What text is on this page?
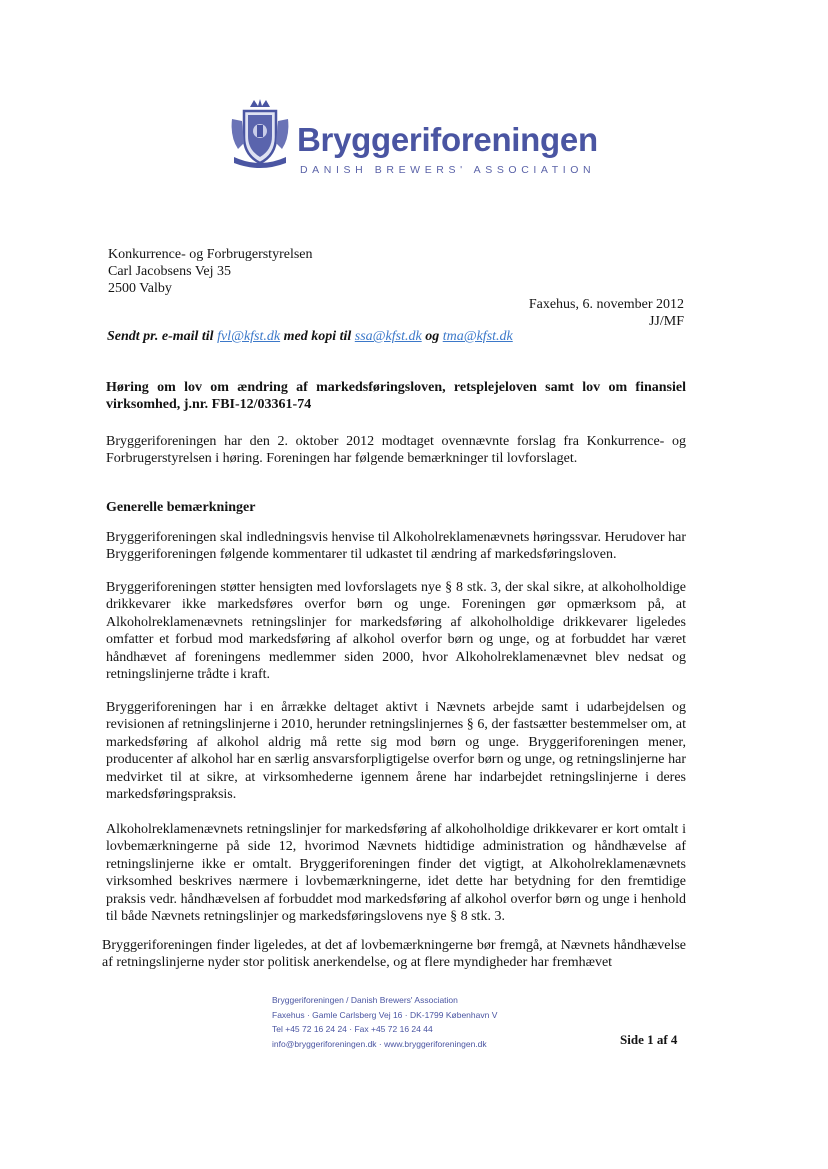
Bryggeriforeningen
DANISH BREWERS' ASSOCIATION
Konkurrence- og Forbrugerstyrelsen
Carl Jacobsens Vej 35
2500 Valby
Faxehus, 6. november 2012
JJ/MF
Sendt pr. e-mail til fvl@kfst.dk med kopi til ssa@kfst.dk og tma@kfst.dk
Høring om lov om ændring af markedsføringsloven, retsplejeloven samt lov om finansiel virksomhed, j.nr. FBI-12/03361-74
Bryggeriforeningen har den 2. oktober 2012 modtaget ovennævnte forslag fra Konkurrence- og Forbrugerstyrelsen i høring. Foreningen har følgende bemærkninger til lovforslaget.
Generelle bemærkninger
Bryggeriforeningen skal indledningsvis henvise til Alkoholreklamenævnets høringssvar. Herudover har Bryggeriforeningen følgende kommentarer til udkastet til ændring af markedsføringsloven.
Bryggeriforeningen støtter hensigten med lovforslagets nye § 8 stk. 3, der skal sikre, at alkoholholdige drikkevarer ikke markedsføres overfor børn og unge. Foreningen gør opmærksom på, at Alkoholreklamenævnets retningslinjer for markedsføring af alkoholholdige drikkevarer ligeledes omfatter et forbud mod markedsføring af alkohol overfor børn og unge, og at forbuddet har været håndhævet af foreningens medlemmer siden 2000, hvor Alkoholreklamenævnet blev nedsat og retningslinjerne trådte i kraft.
Bryggeriforeningen har i en årrække deltaget aktivt i Nævnets arbejde samt i udarbejdelsen og revisionen af retningslinjerne i 2010, herunder retningslinjernes § 6, der fastsætter bestemmelser om, at markedsføring af alkohol aldrig må rette sig mod børn og unge. Bryggeriforeningen mener, producenter af alkohol har en særlig ansvarsforpligtigelse overfor børn og unge, og retningslinjerne har medvirket til at sikre, at virksomhederne igennem årene har indarbejdet retningslinjerne i deres markedsføringspraksis.
Alkoholreklamenævnets retningslinjer for markedsføring af alkoholholdige drikkevarer er kort omtalt i lovbemærkningerne på side 12, hvorimod Nævnets hidtidige administration og håndhævelse af retningslinjerne ikke er omtalt. Bryggeriforeningen finder det vigtigt, at Alkoholreklamenævnets virksomhed beskrives nærmere i lovbemærkningerne, idet dette har betydning for den fremtidige praksis vedr. håndhævelsen af forbuddet mod markedsføring af alkohol overfor børn og unge i henhold til både Nævnets retningslinjer og markedsføringslovens nye § 8 stk. 3.
Bryggeriforeningen finder ligeledes, at det af lovbemærkningerne bør fremgå, at Nævnets håndhævelse af retningslinjerne nyder stor politisk anerkendelse, og at flere myndigheder har fremhævet
Bryggeriforeningen / Danish Brewers' Association
Faxehus · Gamle Carlsberg Vej 16 · DK-1799 København V
Tel +45 72 16 24 24 · Fax +45 72 16 24 44
info@bryggeriforeningen.dk · www.bryggeriforeningen.dk	Side 1 af 4
